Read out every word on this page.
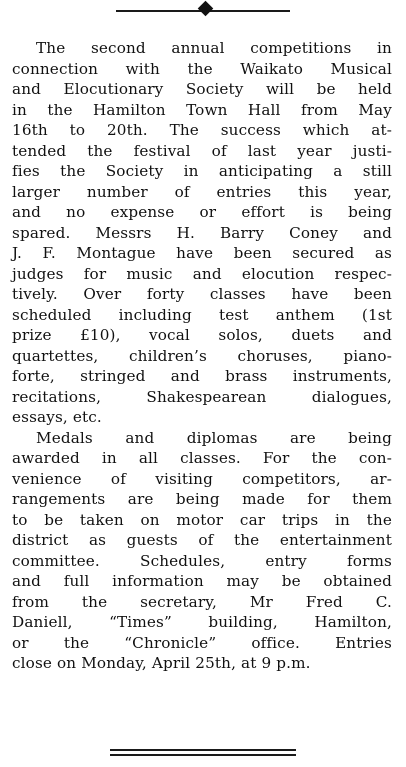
The second annual competitions in
connection with the Waikato Musical
and Elocutionary Society will be held
in the Hamilton Town Hall from May
16th to 20th. The success which at-
tended the festival of last year justi-
fies the Society in anticipating a still
larger number of entries this year,
and no expense or effort is being
spared. Messrs H. Barry Coney and
J. F. Montague have been secured as
judges for music and elocution respec-
tively. Over forty classes have been
scheduled including test anthem (1st
prize £10), vocal solos, duets and
quartettes, children’s choruses, piano-
forte, stringed and brass instruments,
recitations, Shakespearean dialogues,
essays, etc.

Medals and diplomas are being
awarded in all classes. For the con-
venience of visiting competitors, ar-
rangements are being made for them
to be taken on motor car trips in the
district as guests of the entertainment
committee. Schedules, entry forms
and full information may be obtained
from the secretary, Mr Fred C.
Daniell, “Times” building, Hamilton,
or the “Chronicle” office. Entries
close on Monday, April 25th, at 9 p.m.
